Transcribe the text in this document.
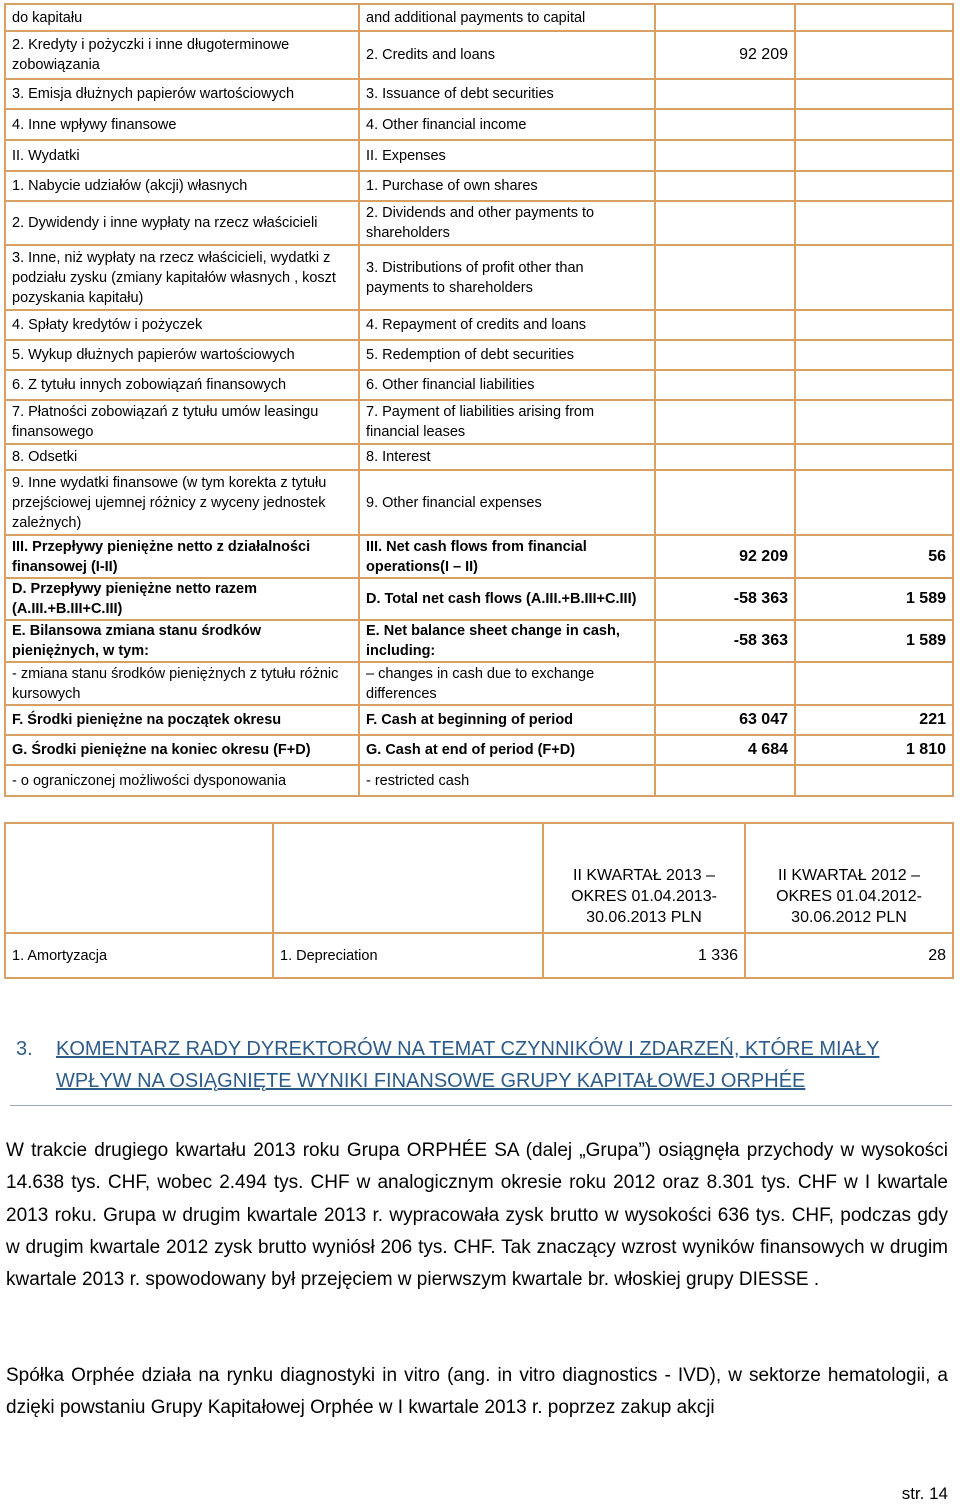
do kapitału	and additional payments to capital		
2. Kredyty i pożyczki i inne długoterminowe zobowiązania	2. Credits and loans	92 209	
3. Emisja dłużnych papierów wartościowych	3. Issuance of debt securities		
4. Inne wpływy finansowe	4. Other financial income		
II. Wydatki	II. Expenses		
1. Nabycie udziałów (akcji) własnych	1. Purchase of own shares		
2. Dywidendy i inne wypłaty na rzecz właścicieli	2. Dividends and other payments to shareholders		
3. Inne, niż wypłaty na rzecz właścicieli, wydatki z podziału zysku (zmiany kapitałów własnych , koszt pozyskania kapitału)	3. Distributions of profit other than payments to shareholders		
4. Spłaty kredytów i pożyczek	4. Repayment of credits and loans		
5. Wykup dłużnych papierów wartościowych	5. Redemption of debt securities		
6. Z tytułu innych zobowiązań finansowych	6. Other financial liabilities		
7. Płatności zobowiązań z tytułu umów leasingu finansowego	7. Payment of liabilities arising from financial leases		
8. Odsetki	8. Interest		
9. Inne wydatki finansowe (w tym korekta z tytułu przejściowej ujemnej różnicy z wyceny jednostek zależnych)	9. Other financial expenses		
III. Przepływy pieniężne netto z działalności finansowej (I-II)	III. Net cash flows from financial operations(I – II)	92 209	56
D. Przepływy pieniężne netto razem (A.III.+B.III+C.III)	D. Total net cash flows (A.III.+B.III+C.III)	-58 363	1 589
E. Bilansowa zmiana stanu środków pieniężnych, w tym:	E. Net balance sheet change in cash, including:	-58 363	1 589
- zmiana stanu środków pieniężnych z tytułu różnic kursowych	– changes in cash due to exchange differences		
F. Środki pieniężne na początek okresu	F. Cash at beginning of period	63 047	221
G. Środki pieniężne na koniec okresu (F+D)	G. Cash at end of period (F+D)	4 684	1 810
- o ograniczonej możliwości dysponowania	- restricted cash		
		II KWARTAŁ 2013 – OKRES 01.04.2013-30.06.2013 PLN	II KWARTAŁ 2012 – OKRES 01.04.2012-30.06.2012 PLN
1. Amortyzacja	1. Depreciation	1 336	28
3. KOMENTARZ RADY DYREKTORÓW NA TEMAT CZYNNIKÓW I ZDARZEŃ, KTÓRE MIAŁY WPŁYW NA OSIĄGNIĘTE WYNIKI FINANSOWE GRUPY KAPITAŁOWEJ ORPHÉE
W trakcie drugiego kwartału 2013 roku Grupa ORPHÉE SA (dalej „Grupa”) osiągnęła przychody w wysokości 14.638 tys. CHF, wobec 2.494 tys. CHF w analogicznym okresie roku 2012 oraz 8.301 tys. CHF w I kwartale 2013 roku. Grupa w drugim kwartale 2013 r. wypracowała zysk brutto w wysokości 636 tys. CHF, podczas gdy w drugim kwartale 2012 zysk brutto wyniósł 206 tys. CHF. Tak znaczący wzrost wyników finansowych w drugim kwartale 2013 r. spowodowany był przejęciem w pierwszym kwartale br. włoskiej grupy DIESSE .
Spółka Orphée działa na rynku diagnostyki in vitro (ang. in vitro diagnostics - IVD), w sektorze hematologii, a dzięki powstaniu Grupy Kapitałowej Orphée w I kwartale 2013 r. poprzez zakup akcji
str. 14
